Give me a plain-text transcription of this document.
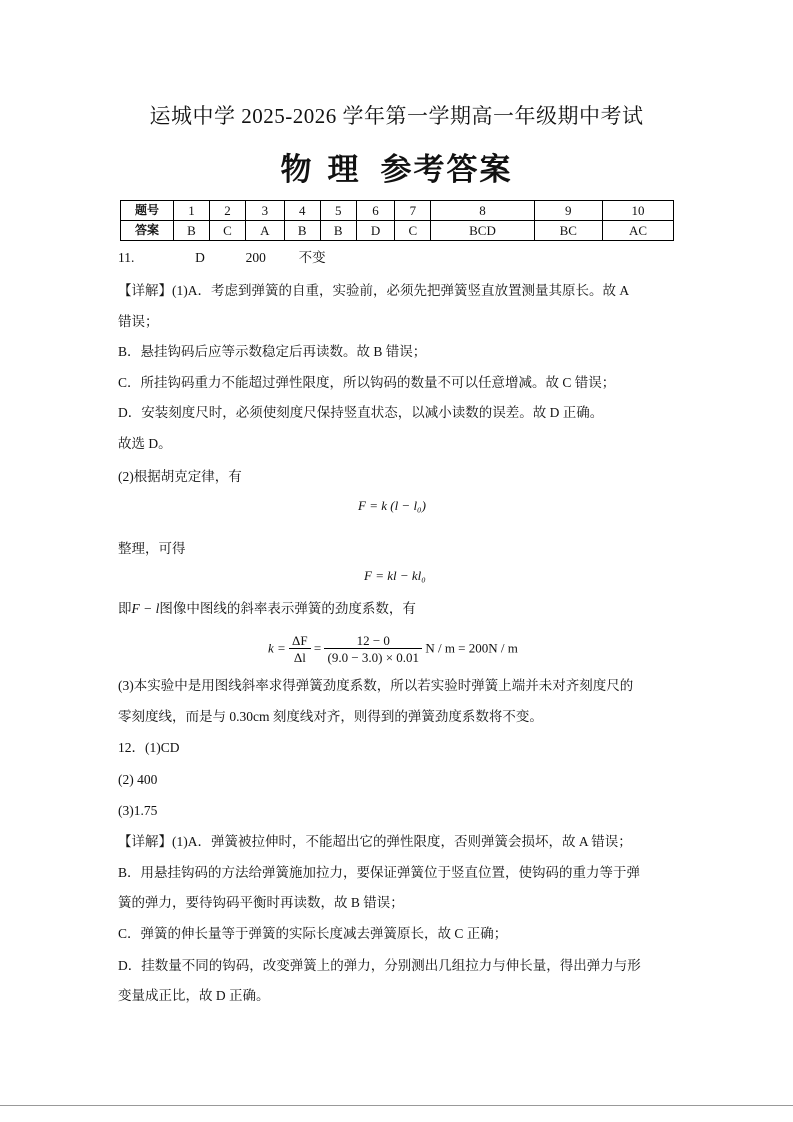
运城中学 2025-2026 学年第一学期高一年级期中考试
物 理 参考答案
题号	1	2	3	4	5	6	7	8	9	10
答案	B	C	A	B	B	D	C	BCD	BC	AC
11.	D	200 不变
【详解】(1)A．考虑到弹簧的自重，实验前，必须先把弹簧竖直放置测量其原长。故 A
错误；
B．悬挂钩码后应等示数稳定后再读数。故 B 错误；
C．所挂钩码重力不能超过弹性限度，所以钩码的数量不可以任意增减。故 C 错误；
D．安装刻度尺时，必须使刻度尺保持竖直状态，以减小读数的误差。故 D 正确。
故选 D。
(2)根据胡克定律，有
F = k (l − l₀)
整理，可得
F = kl − kl₀
即F − l图像中图线的斜率表示弹簧的劲度系数，有
$k = \frac{\Delta F}{\Delta l} = \frac{12 - 0}{(9.0 - 3.0) \times 0.01}$ N / m = 200N / m
(3)本实验中是用图线斜率求得弹簧劲度系数，所以若实验时弹簧上端并未对齐刻度尺的
零刻度线，而是与 0.30cm 刻度线对齐，则得到的弹簧劲度系数将不变。
12．(1)CD
(2) 400
(3)1.75
【详解】(1)A．弹簧被拉伸时，不能超出它的弹性限度，否则弹簧会损坏，故 A 错误；
B．用悬挂钩码的方法给弹簧施加拉力，要保证弹簧位于竖直位置，使钩码的重力等于弹
簧的弹力，要待钩码平衡时再读数，故 B 错误；
C．弹簧的伸长量等于弹簧的实际长度减去弹簧原长，故 C 正确；
D．挂数量不同的钩码，改变弹簧上的弹力，分别测出几组拉力与伸长量，得出弹力与形
变量成正比，故 D 正确。
